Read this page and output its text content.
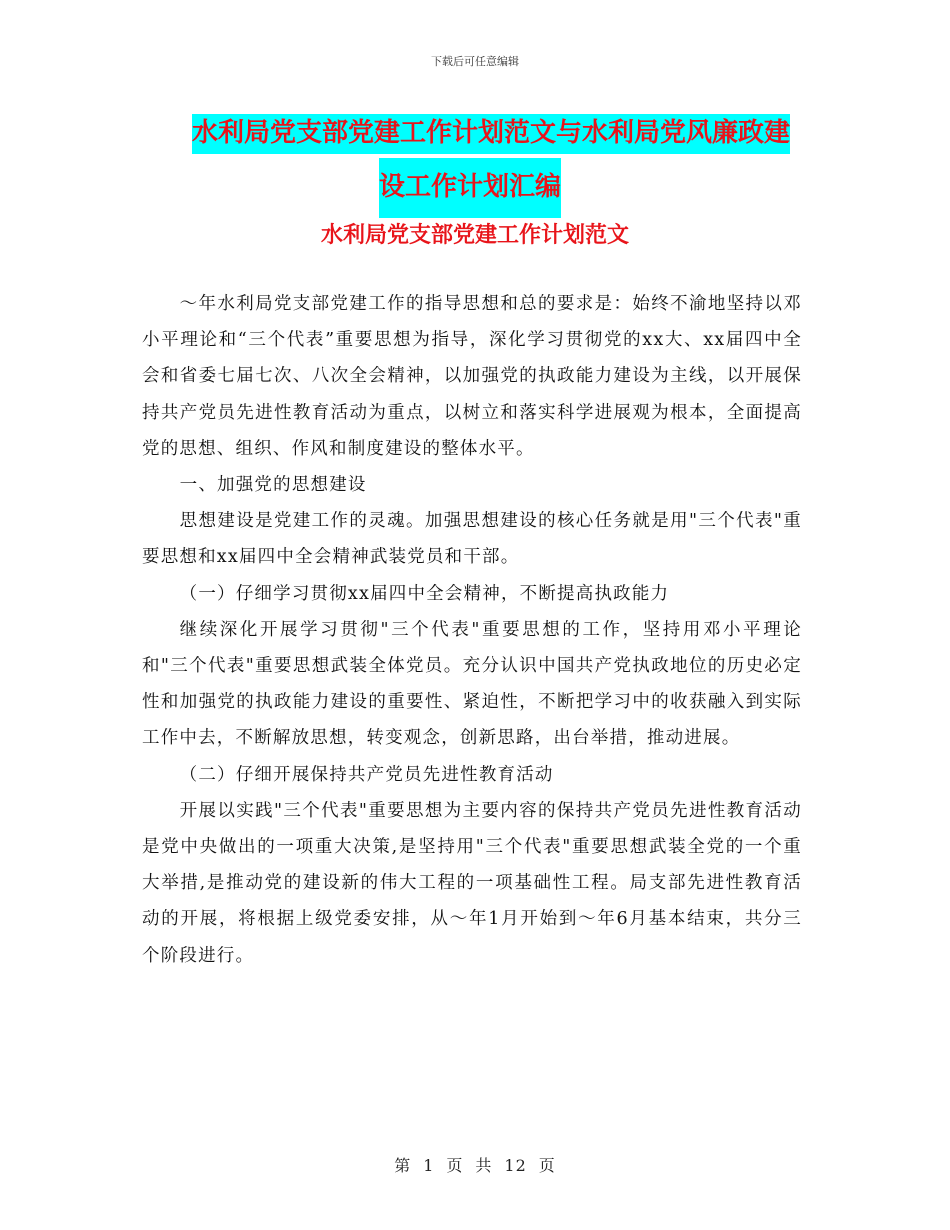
下载后可任意编辑
水利局党支部党建工作计划范文与水利局党风廉政建
设工作计划汇编
水利局党支部党建工作计划范文

～年水利局党支部党建工作的指导思想和总的要求是：始终不渝地坚持以邓小平理论和“三个代表”重要思想为指导，深化学习贯彻党的xx大、xx届四中全会和省委七届七次、八次全会精神，以加强党的执政能力建设为主线，以开展保持共产党员先进性教育活动为重点，以树立和落实科学进展观为根本，全面提高党的思想、组织、作风和制度建设的整体水平。

一、加强党的思想建设

思想建设是党建工作的灵魂。加强思想建设的核心任务就是用"三个代表"重要思想和xx届四中全会精神武装党员和干部。

（一）仔细学习贯彻xx届四中全会精神，不断提高执政能力

继续深化开展学习贯彻"三个代表"重要思想的工作，坚持用邓小平理论和"三个代表"重要思想武装全体党员。充分认识中国共产党执政地位的历史必定性和加强党的执政能力建设的重要性、紧迫性，不断把学习中的收获融入到实际工作中去，不断解放思想，转变观念，创新思路，出台举措，推动进展。

（二）仔细开展保持共产党员先进性教育活动

开展以实践"三个代表"重要思想为主要内容的保持共产党员先进性教育活动是党中央做出的一项重大决策,是坚持用"三个代表"重要思想武装全党的一个重大举措,是推动党的建设新的伟大工程的一项基础性工程。局支部先进性教育活动的开展，将根据上级党委安排，从～年1月开始到～年6月基本结束，共分三个阶段进行。

第 1 页 共 12 页
